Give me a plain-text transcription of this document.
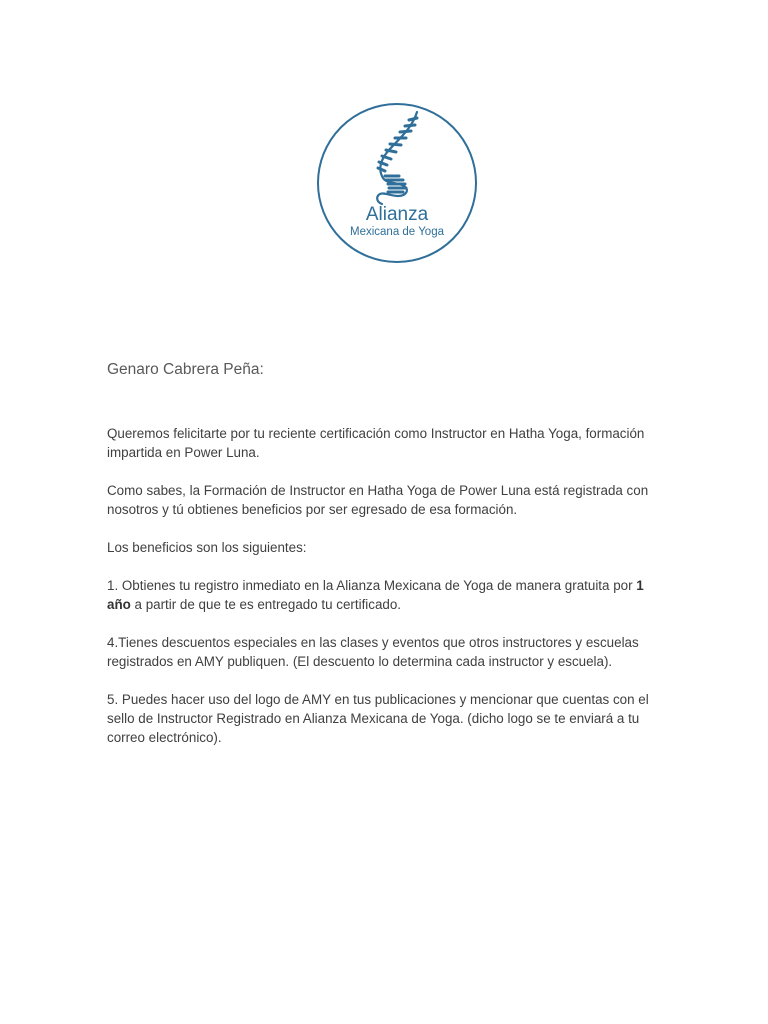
Alianza
Mexicana de Yoga
Genaro Cabrera Peña:
Queremos felicitarte por tu reciente certificación como Instructor en Hatha Yoga, formación impartida en Power Luna.
Como sabes, la Formación de Instructor en Hatha Yoga de Power Luna está registrada con nosotros y tú obtienes beneficios por ser egresado de esa formación.
Los beneficios son los siguientes:
1. Obtienes tu registro inmediato en la Alianza Mexicana de Yoga de manera gratuita por 1 año a partir de que te es entregado tu certificado.
4.Tienes descuentos especiales en las clases y eventos que otros instructores y escuelas registrados en AMY publiquen. (El descuento lo determina cada instructor y escuela).
5. Puedes hacer uso del logo de AMY en tus publicaciones y mencionar que cuentas con el sello de Instructor Registrado en Alianza Mexicana de Yoga. (dicho logo se te enviará a tu correo electrónico).
